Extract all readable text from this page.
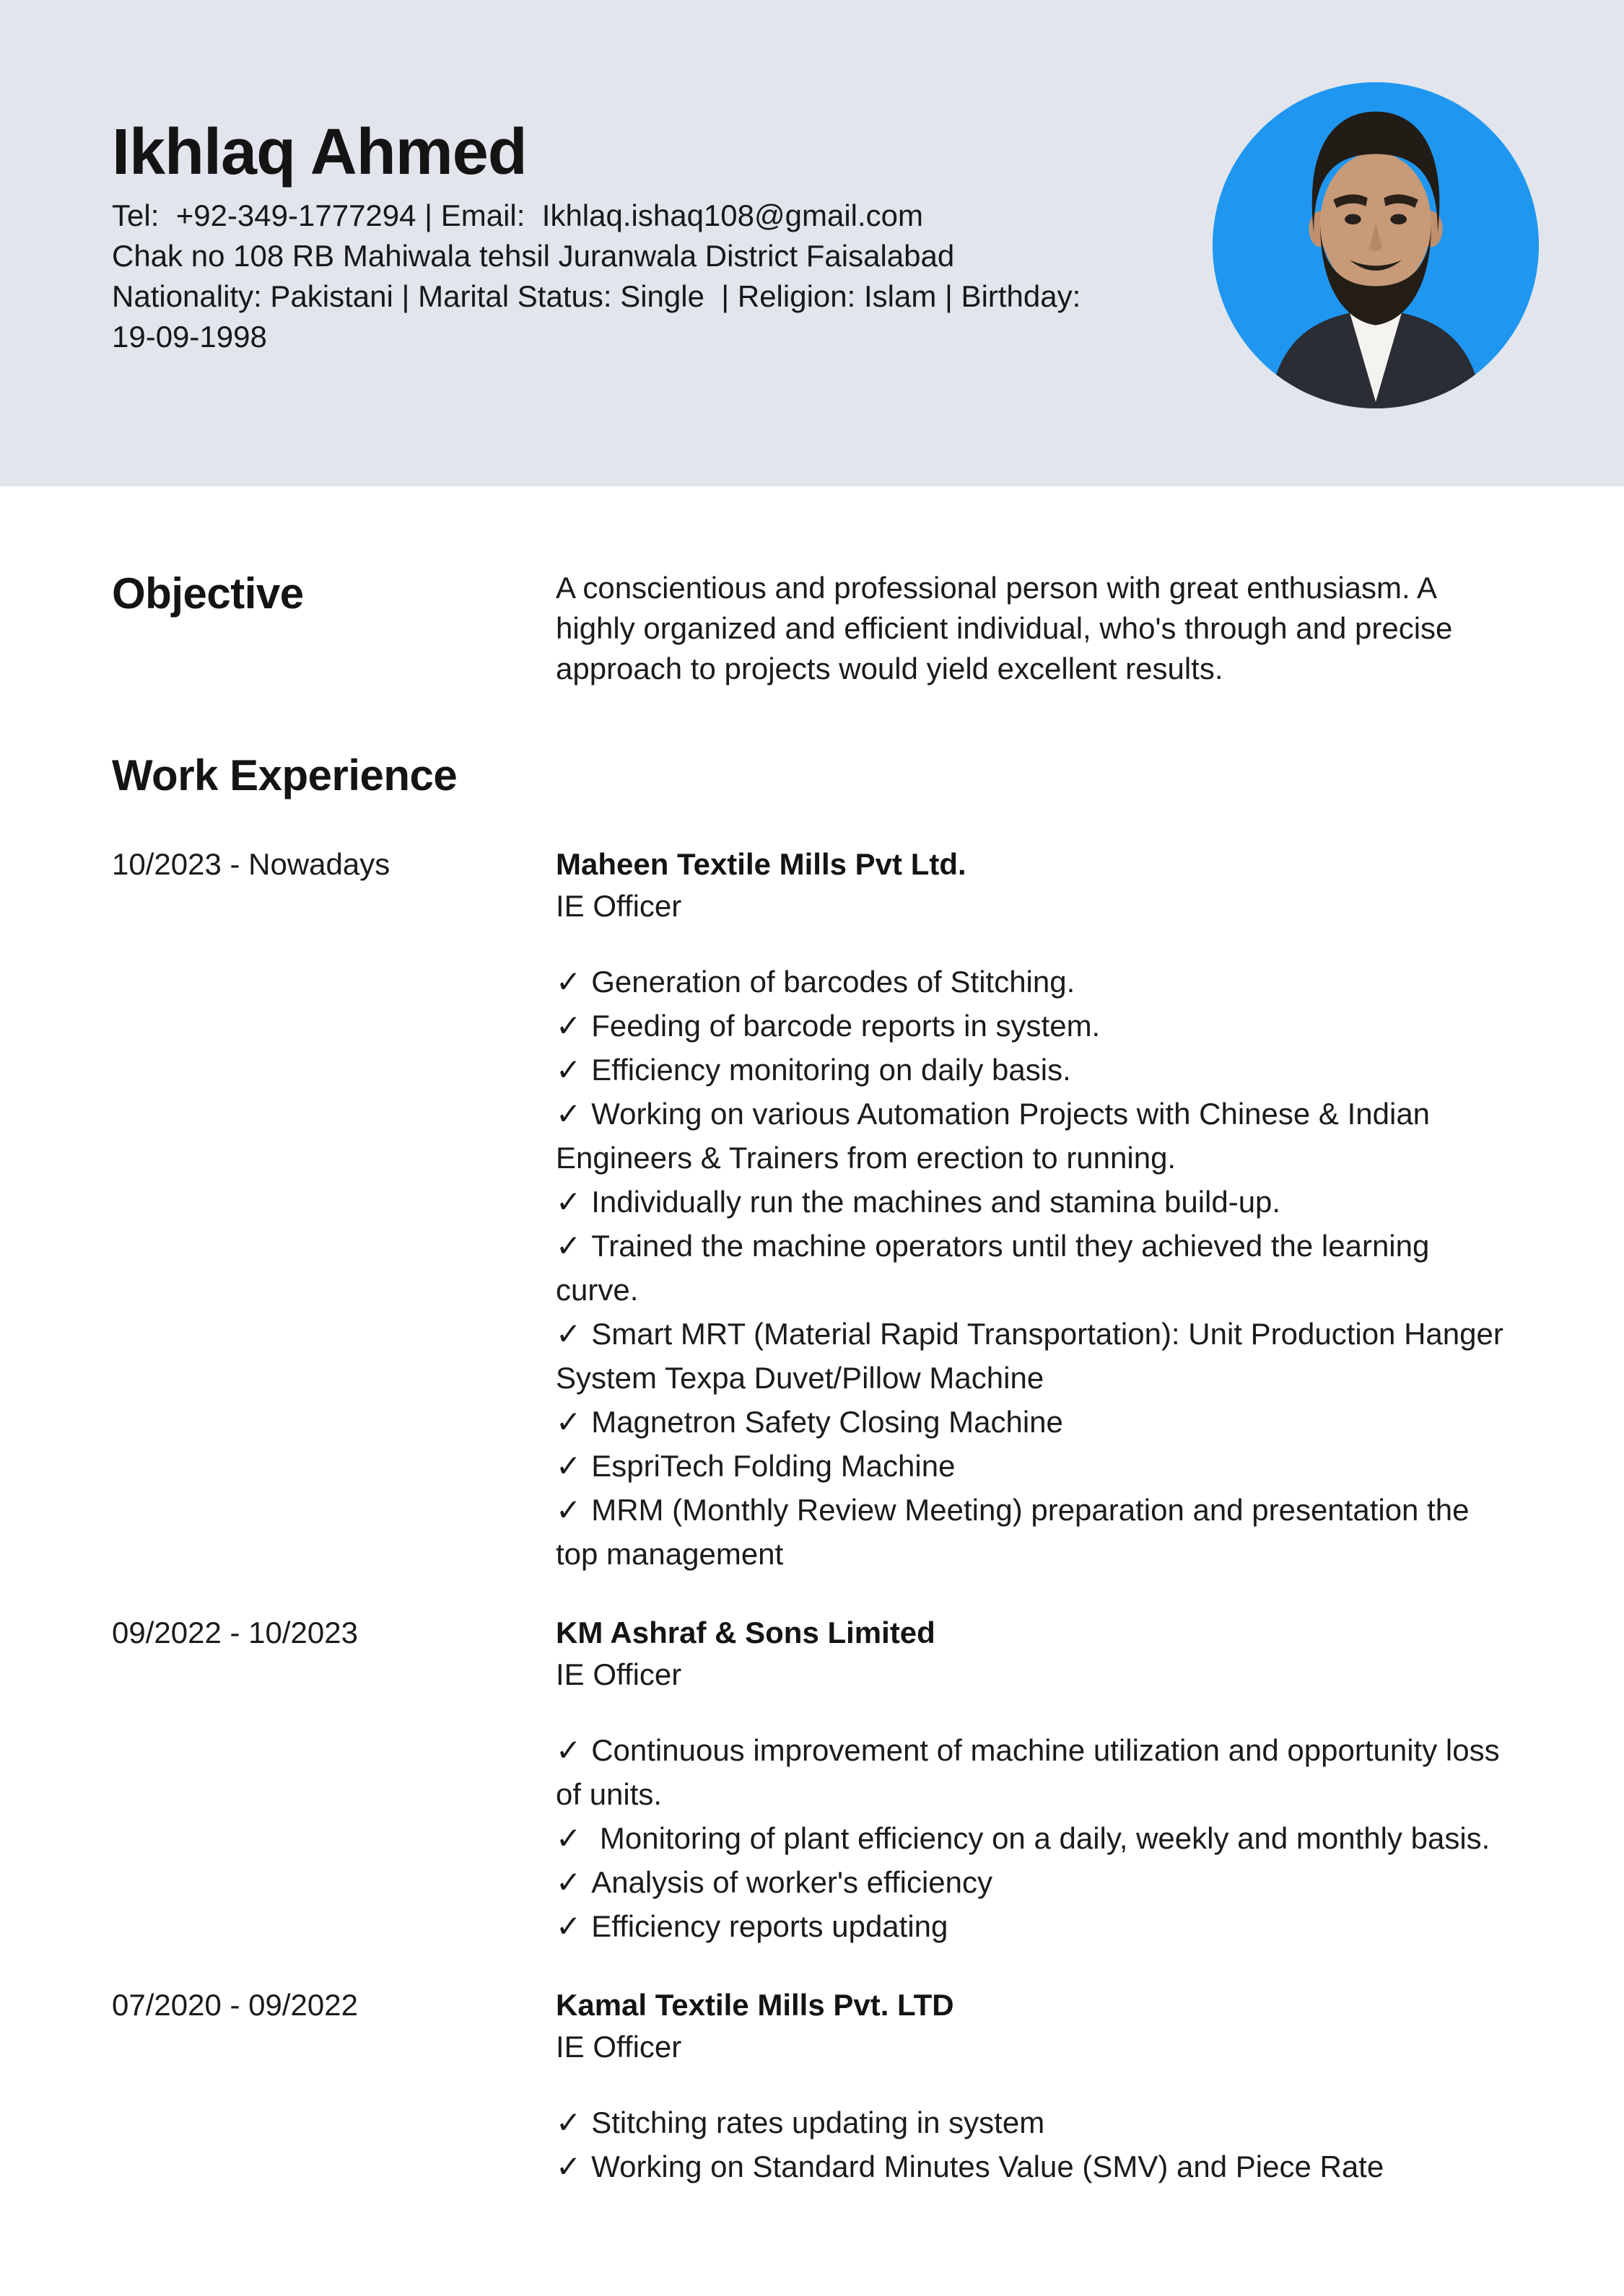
Ikhlaq Ahmed
Tel:  +92-349-1777294 | Email:  Ikhlaq.ishaq108@gmail.com
Chak no 108 RB Mahiwala tehsil Juranwala District Faisalabad
Nationality: Pakistani | Marital Status: Single  | Religion: Islam | Birthday:
19-09-1998
Objective	A conscientious and professional person with great enthusiasm. A highly organized and efficient individual, who's through and precise approach to projects would yield excellent results.

Work Experience
10/2023 - Nowadays	Maheen Textile Mills Pvt Ltd.
IE Officer
✓ Generation of barcodes of Stitching.
✓ Feeding of barcode reports in system.
✓ Efficiency monitoring on daily basis.
✓ Working on various Automation Projects with Chinese & Indian Engineers & Trainers from erection to running.
✓ Individually run the machines and stamina build-up.
✓ Trained the machine operators until they achieved the learning curve.
✓ Smart MRT (Material Rapid Transportation): Unit Production Hanger System Texpa Duvet/Pillow Machine
✓ Magnetron Safety Closing Machine
✓ EspriTech Folding Machine
✓ MRM (Monthly Review Meeting) preparation and presentation the top management
09/2022 - 10/2023	KM Ashraf & Sons Limited
IE Officer
✓ Continuous improvement of machine utilization and opportunity loss of units.
✓ Monitoring of plant efficiency on a daily, weekly and monthly basis.
✓ Analysis of worker's efficiency
✓ Efficiency reports updating
07/2020 - 09/2022	Kamal Textile Mills Pvt. LTD
IE Officer
✓ Stitching rates updating in system
✓ Working on Standard Minutes Value (SMV) and Piece Rate
